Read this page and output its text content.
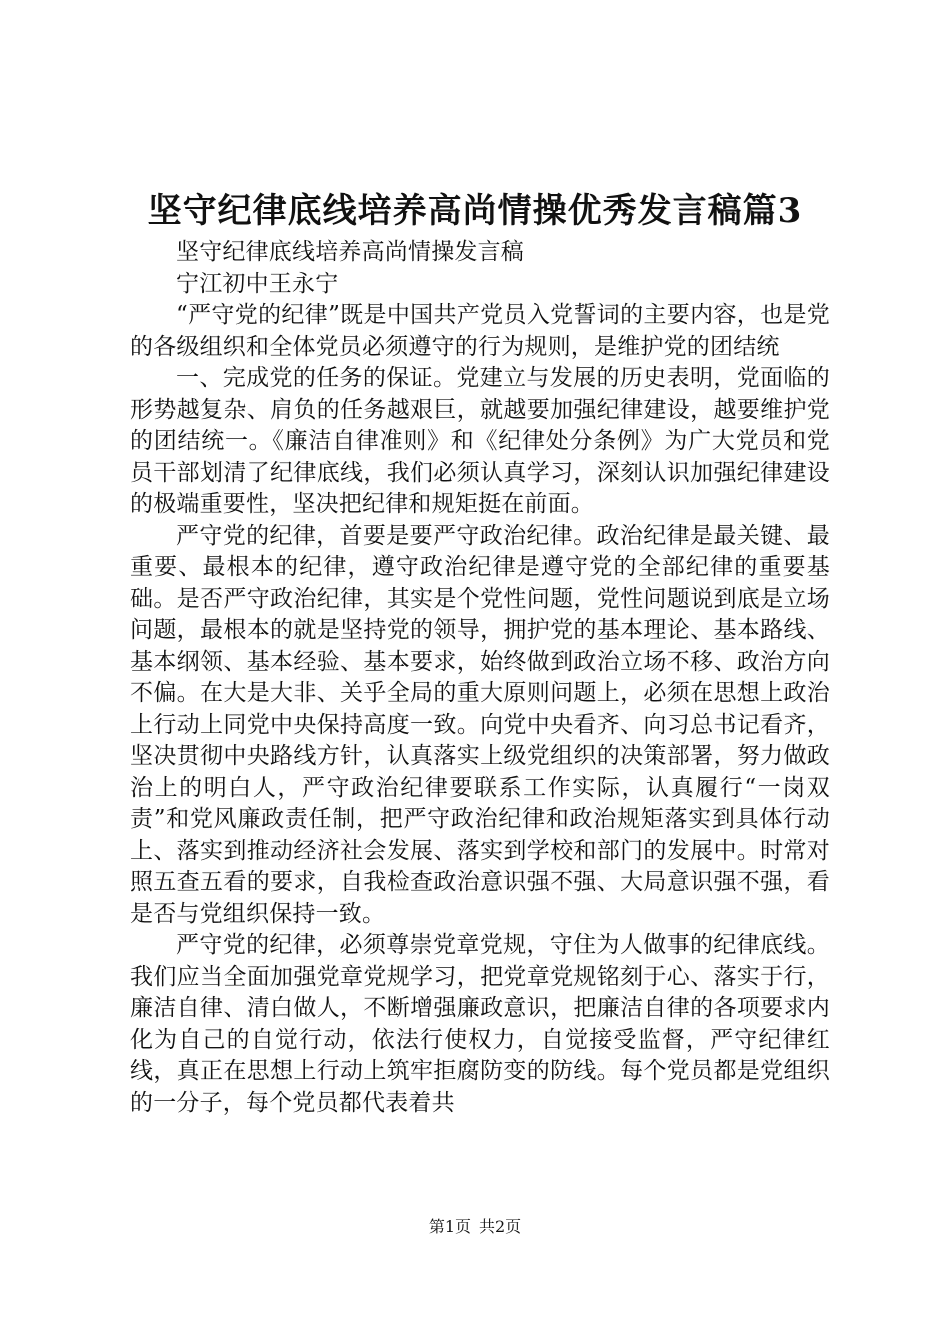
坚守纪律底线培养高尚情操优秀发言稿篇3

坚守纪律底线培养高尚情操发言稿

宁江初中王永宁

“严守党的纪律”既是中国共产党员入党誓词的主要内容，也是党的各级组织和全体党员必须遵守的行为规则，是维护党的团结统

一、完成党的任务的保证。党建立与发展的历史表明，党面临的形势越复杂、肩负的任务越艰巨，就越要加强纪律建设，越要维护党的团结统一。《廉洁自律准则》和《纪律处分条例》为广大党员和党员干部划清了纪律底线，我们必须认真学习，深刻认识加强纪律建设的极端重要性，坚决把纪律和规矩挺在前面。

严守党的纪律，首要是要严守政治纪律。政治纪律是最关键、最重要、最根本的纪律，遵守政治纪律是遵守党的全部纪律的重要基础。是否严守政治纪律，其实是个党性问题，党性问题说到底是立场问题，最根本的就是坚持党的领导，拥护党的基本理论、基本路线、基本纲领、基本经验、基本要求，始终做到政治立场不移、政治方向不偏。在大是大非、关乎全局的重大原则问题上，必须在思想上政治上行动上同党中央保持高度一致。向党中央看齐、向习总书记看齐，坚决贯彻中央路线方针，认真落实上级党组织的决策部署，努力做政治上的明白人，严守政治纪律要联系工作实际，认真履行“一岗双责”和党风廉政责任制，把严守政治纪律和政治规矩落实到具体行动上、落实到推动经济社会发展、落实到学校和部门的发展中。时常对照五查五看的要求，自我检查政治意识强不强、大局意识强不强，看是否与党组织保持一致。

严守党的纪律，必须尊崇党章党规，守住为人做事的纪律底线。我们应当全面加强党章党规学习，把党章党规铭刻于心、落实于行，廉洁自律、清白做人，不断增强廉政意识，把廉洁自律的各项要求内化为自己的自觉行动，依法行使权力，自觉接受监督，严守纪律红线，真正在思想上行动上筑牢拒腐防变的防线。每个党员都是党组织的一分子，每个党员都代表着共

第1页 共2页
